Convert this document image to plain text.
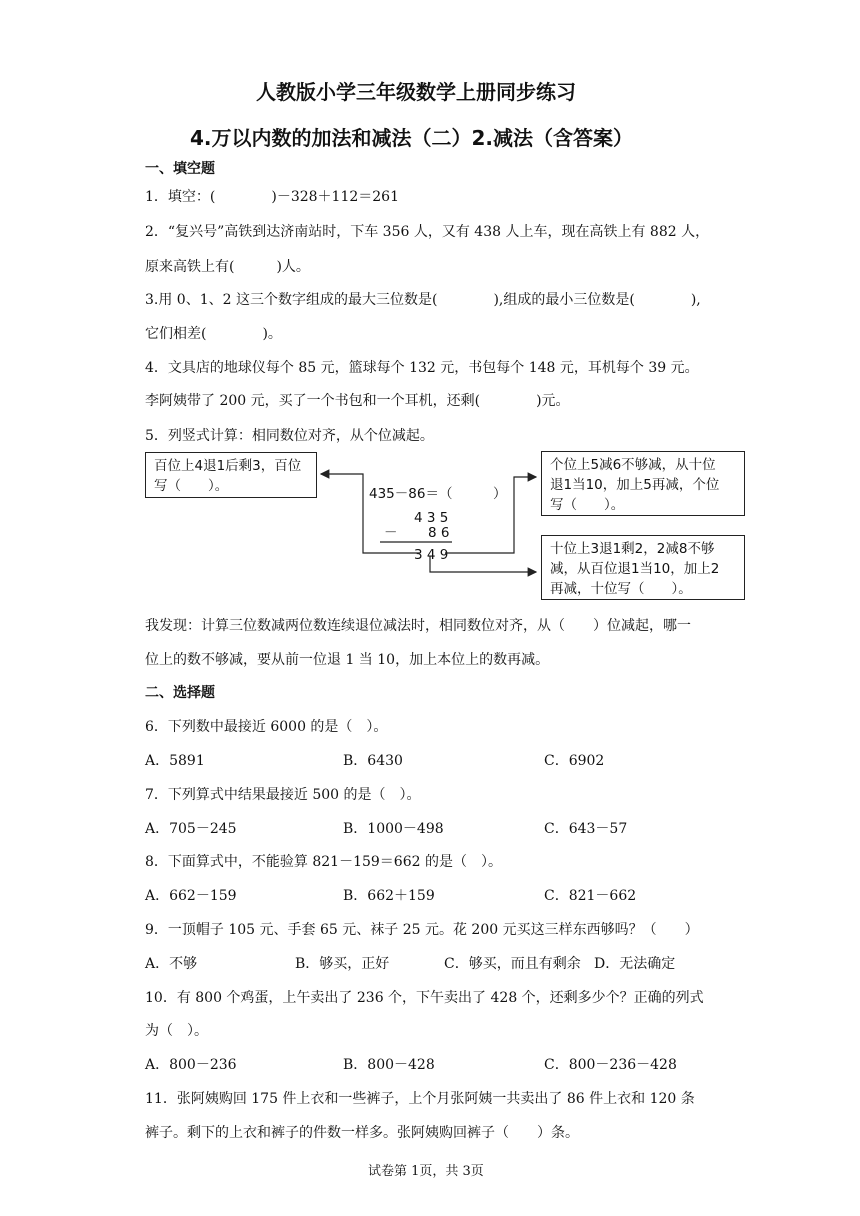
人教版小学三年级数学上册同步练习
4.万以内数的加法和减法（二）2.减法（含答案）
一、填空题
1．填空：(　　　　)－328＋112＝261
2．“复兴号”高铁到达济南站时，下车 356 人，又有 438 人上车，现在高铁上有 882 人，
原来高铁上有(　　　)人。
3.用 0、1、2 这三个数字组成的最大三位数是(　　　　),组成的最小三位数是(　　　　),
它们相差(　　　　)。
4．文具店的地球仪每个 85 元，篮球每个 132 元，书包每个 148 元，耳机每个 39 元。
李阿姨带了 200 元，买了一个书包和一个耳机，还剩(　　　　)元。
5．列竖式计算：相同数位对齐，从个位减起。
百位上4退1后剩3，百位
写（　　）。
个位上5减6不够减，从十位
退1当10，加上5再减，个位
写（　　）。
十位上3退1剩2，2减8不够
减，从百位退1当10，加上2
再减，十位写（　　）。
435－86＝（　　　）
4 3 5
－ 8 6
3 4 9
我发现：计算三位数减两位数连续退位减法时，相同数位对齐，从（　　）位减起，哪一
位上的数不够减，要从前一位退 1 当 10，加上本位上的数再减。
二、选择题
6．下列数中最接近 6000 的是（　）。
A．5891	B．6430	C．6902
7．下列算式中结果最接近 500 的是（　）。
A．705－245	B．1000－498	C．643－57
8．下面算式中，不能验算 821－159＝662 的是（　）。
A．662－159	B．662＋159	C．821－662
9．一顶帽子 105 元、手套 65 元、袜子 25 元。花 200 元买这三样东西够吗？（　　）
A．不够	B．够买，正好	C．够买，而且有剩余 D．无法确定
10．有 800 个鸡蛋，上午卖出了 236 个，下午卖出了 428 个，还剩多少个？正确的列式
为（　）。
A．800－236	B．800－428	C．800－236－428
11．张阿姨购回 175 件上衣和一些裤子，上个月张阿姨一共卖出了 86 件上衣和 120 条
裤子。剩下的上衣和裤子的件数一样多。张阿姨购回裤子（　　）条。
试卷第 1页，共 3页
